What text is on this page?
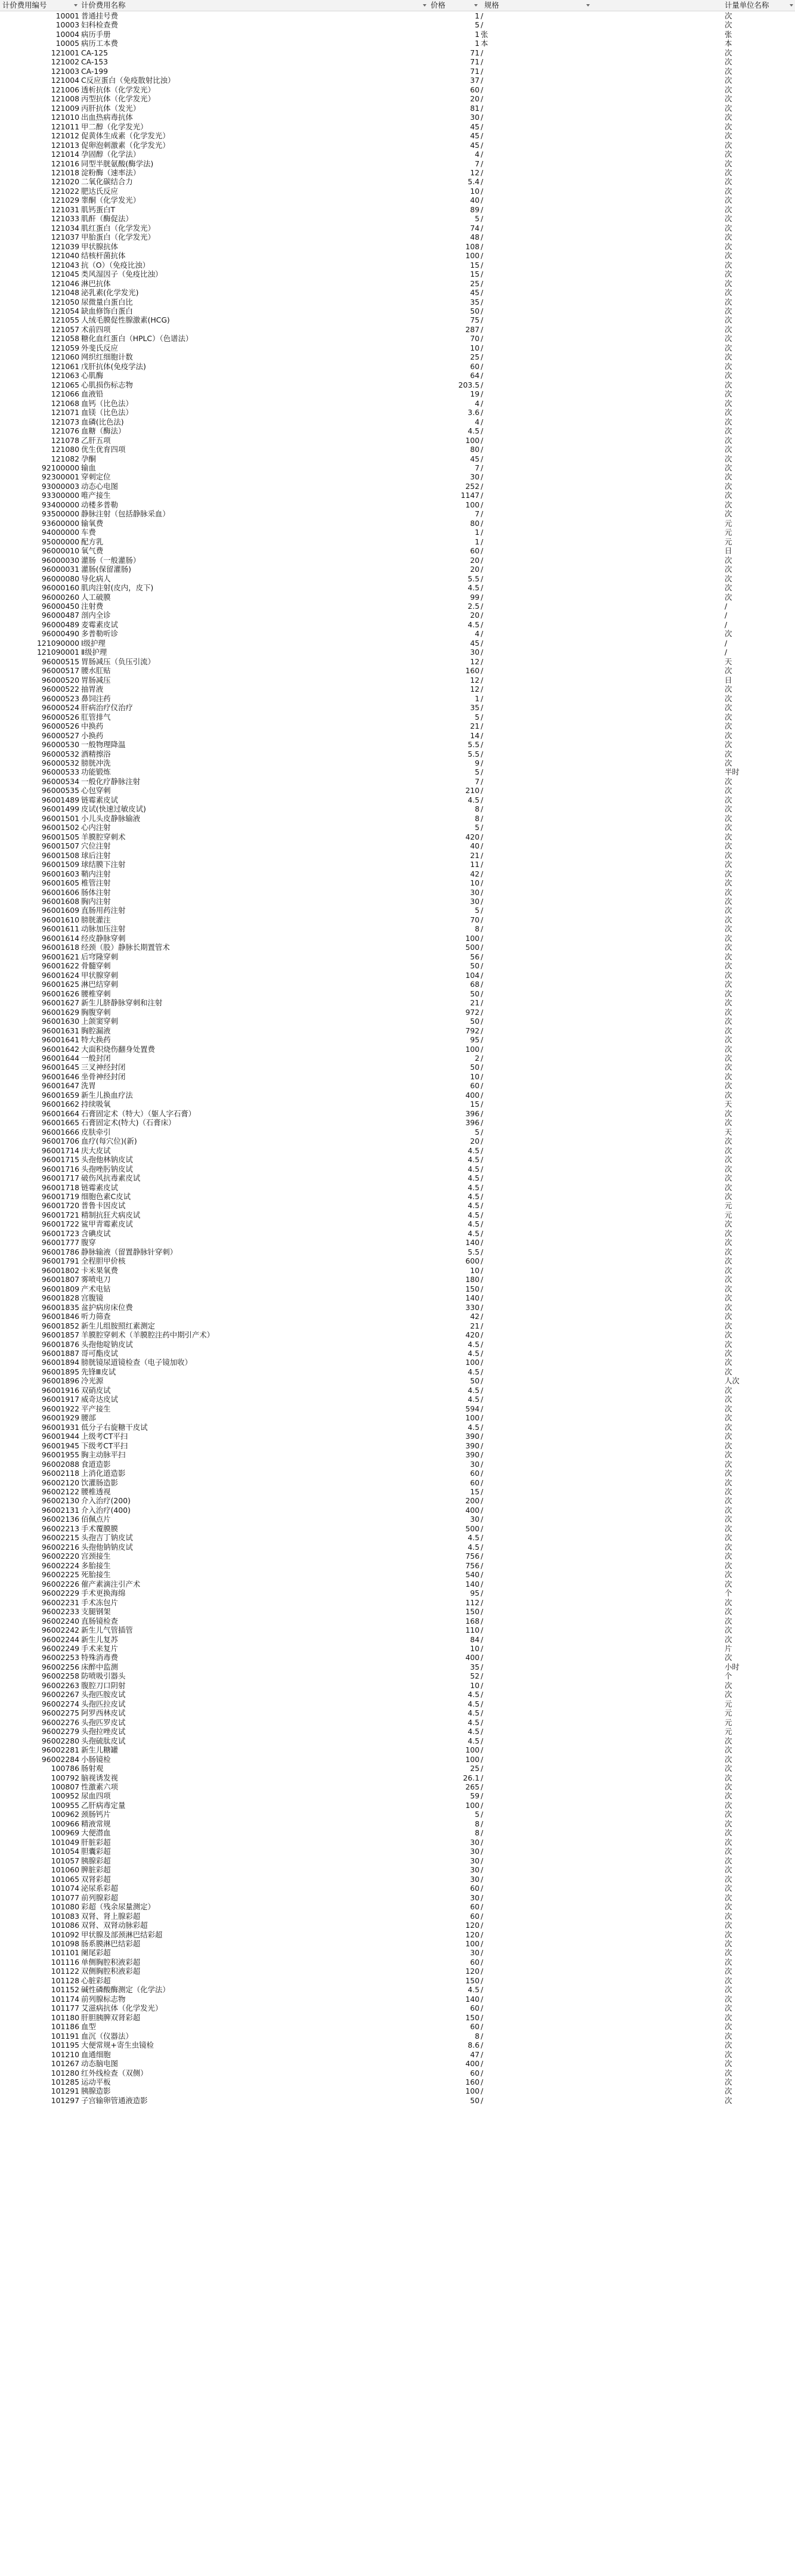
计价费用编号	计价费用名称	价格	规格	计量单位名称
10001 普通挂号费	1 /	次
10003 妇科检查费	5 /	次
10004 病历手册	1 张	张
10005 病历工本费	1 本	本
121001 CA-125	71 /	次
121002 CA-153	71 /	次
121003 CA-199	71 /	次
121004 C反应蛋白（免疫散射比浊）	37 /	次
121006 透析抗体（化学发光）	60 /	次
121008 丙型抗体（化学发光）	20 /	次
121009 丙肝抗体（发光）	81 /	次
121010 出血热病毒抗体	30 /	次
121011 甲二醇（化学发光）	45 /	次
121012 促黄体生成素（化学发光）	45 /	次
121013 促卵泡刺激素（化学发光）	45 /	次
121014 孕固醇（化学法）	4 /	次
121016 同型半胱氨酸(酶学法)	7 /	次
121018 淀粉酶（速率法）	12 /	次
121020 二氧化碳结合力	5.4 /	次
121022 肥达氏反应	10 /	次
121029 睾酮（化学发光）	40 /	次
121031 肌钙蛋白T	89 /	次
121033 肌酐（酶促法）	5 /	次
121034 肌红蛋白（化学发光）	74 /	次
121037 甲胎蛋白（化学发光）	48 /	次
121039 甲状腺抗体	108 /	次
121040 结核杆菌抗体	100 /	次
121043 抗（O）（免疫比浊）	15 /	次
121045 类风湿因子（免疫比浊）	15 /	次
121046 淋巴抗体	25 /	次
121048 泌乳素(化学发光)	45 /	次
121050 尿微量白蛋白比	35 /	次
121054 缺血修饰白蛋白	50 /	次
121055 人绒毛膜促性腺激素(HCG)	75 /	次
121057 术前四项	287 /	次
121058 糖化血红蛋白（HPLC）（色谱法）	70 /	次
121059 外斐氏反应	10 /	次
121060 网织红细胞计数	25 /	次
121061 戊肝抗体(免疫学法)	60 /	次
121063 心肌酶	64 /	次
121065 心肌损伤标志物	203.5 /	次
121066 血液铅	19 /	次
121068 血钙（比色法）	4 /	次
121071 血镁（比色法）	3.6 /	次
121073 血磷(比色法)	4 /	次
121076 血糖（酶法）	4.5 /	次
121078 乙肝五项	100 /	次
121080 优生优育四项	80 /	次
121082 孕酮	45 /	次
92100000 输血	7 /	次
92300001 穿刺定位	30 /	次
93000003 动态心电图	252 /	次
93300000 唯产接生	1147 /	次
93400000 动楼多普勒	100 /	次
93500000 静脉注射（包括静脉采血）	7 /	次
93600000 输氧费	80 /	元
94000000 车费	1 /	元
95000000 配方乳	1 /	元
96000010 氧气费	60 /	日
96000030 灌肠（一般灌肠）	20 /	次
96000031 灌肠(保留灌肠)	20 /	次
96000080 导化病人	5.5 /	次
96000160 肌肉注射(皮内，皮下)	4.5 /	次
96000260 人工破膜	99 /	次
96000450 注射费	2.5 /	/
96000487 剖内全诊	20 /	/
96000489 麦霉素皮试	4.5 /	/
96000490 多普勒听诊	4 /	次
121090000 Ⅰ级护理	45 /	/
121090001 Ⅱ级护理	30 /	/
96000515 胃肠减压（负压引流）	12 /	天
96000517 腰水肛贴	160 /	次
96000520 胃肠减压	12 /	日
96000522 抽胃液	12 /	次
96000523 鼻饲注药	1 /	次
96000524 肝病治疗仪治疗	35 /	次
96000526 肛管排气	5 /	次
96000526 中换药	21 /	次
96000527 小换药	14 /	次
96000530 一般物理降温	5.5 /	次
96000532 酒精擦浴	5.5 /	次
96000532 膀胱冲洗	9 /	次
96000533 功能锻炼	5 /	半时
96000534 一般化疗静脉注射	7 /	次
96000535 心包穿刺	210 /	次
96001489 链霉素皮试	4.5 /	次
96001499 皮试(快速过敏皮试)	8 /	次
96001501 小儿头皮静脉输液	8 /	次
96001502 心内注射	5 /	次
96001505 羊膜腔穿刺术	420 /	次
96001507 穴位注射	40 /	次
96001508 球后注射	21 /	次
96001509 球结膜下注射	11 /	次
96001603 鞘内注射	42 /	次
96001605 椎管注射	10 /	次
96001606 肠体注射	30 /	次
96001608 胸内注射	30 /	次
96001609 直肠用药注射	5 /	次
96001610 膀胱灌注	70 /	次
96001611 动脉加压注射	8 /	次
96001614 经皮静脉穿刺	100 /	次
96001618 经颈（股）静脉长期置管术	500 /	次
96001621 后穹隆穿刺	56 /	次
96001622 骨髓穿刺	50 /	次
96001624 甲状腺穿刺	104 /	次
96001625 淋巴结穿刺	68 /	次
96001626 腰椎穿刺	50 /	次
96001627 新生儿脐静脉穿刺和注射	21 /	次
96001629 胸腹穿刺	972 /	次
96001630 上颌窦穿刺	50 /	次
96001631 胸腔漏液	792 /	次
96001641 特大换药	95 /	次
96001642 大面积烧伤翻身处置费	100 /	次
96001644 一般封闭	2 /	次
96001645 三叉神经封闭	50 /	次
96001646 坐骨神经封闭	10 /	次
96001647 洗胃	60 /	次
96001659 新生儿换血疗法	400 /	次
96001662 持续吸氧	15 /	天
96001664 石膏固定术（特大）（躯人字石膏）	396 /	次
96001665 石膏固定术(特大)（石膏床）	396 /	次
96001666 皮肤牵引	5 /	天
96001706 血疗(每穴位)(新)	20 /	次
96001714 庆大皮试	4.5 /	次
96001715 头孢他林钠皮试	4.5 /	次
96001716 头孢唑肟钠皮试	4.5 /	次
96001717 破伤风抗毒素皮试	4.5 /	次
96001718 链霉素皮试	4.5 /	次
96001719 细胞色素C皮试	4.5 /	次
96001720 普鲁卡因皮试	4.5 /	元
96001721 精制抗狂犬病皮试	4.5 /	元
96001722 鲨甲青霉素皮试	4.5 /	次
96001723 含碘皮试	4.5 /	次
96001777 腹穿	140 /	次
96001786 静脉输液（留置静脉针穿刺）	5.5 /	次
96001791 全程胆甲价核	600 /	次
96001802 卡米果氧费	10 /	次
96001807 雾喷电刀	180 /	次
96001809 产术电钻	150 /	次
96001828 宫腹镜	140 /	次
96001835 盆护病房床位费	330 /	次
96001846 听力筛查	42 /	次
96001852 新生儿组胺照红素测定	21 /	次
96001857 羊膜腔穿刺术（羊膜腔注药中期引产术）	420 /	次
96001876 头孢他啶钠皮试	4.5 /	次
96001887 哥可酯皮试	4.5 /	次
96001894 膀胱镜尿道镜检查（电子镜加收）	100 /	次
96001895 先锋Ⅲ皮试	4.5 /	次
96001896 冷光源	50 /	人次
96001916 双硝皮试	4.5 /	次
96001917 威奇达皮试	4.5 /	次
96001922 平产接生	594 /	次
96001929 腰部	100 /	次
96001931 低分子右旋糖干皮试	4.5 /	次
96001944 上级考CT平扫	390 /	次
96001945 下级考CT平扫	390 /	次
96001955 胸主动脉平扫	390 /	次
96002088 食道造影	30 /	次
96002118 上消化道造影	60 /	次
96002120 饮灌肠造影	60 /	次
96002122 腰椎透视	15 /	次
96002130 介入治疗(200)	200 /	次
96002131 介入治疗(400)	400 /	次
96002136 佰佩点片	30 /	次
96002213 手术覆膜膜	500 /	次
96002215 头孢吉丁钠皮试	4.5 /	次
96002216 头孢他钠钠皮试	4.5 /	次
96002220 宫颈接生	756 /	次
96002224 多胎接生	756 /	次
96002225 死胎接生	540 /	次
96002226 催产素滴注引产术	140 /	次
96002229 手术更换海绵	95 /	个
96002231 手术冻包片	112 /	次
96002233 支腿钢架	150 /	次
96002240 直肠镜检查	168 /	次
96002242 新生儿气管插管	110 /	次
96002244 新生儿复苏	84 /	次
96002249 手术来复片	10 /	片
96002253 特殊消毒费	400 /	次
96002256 床醉中监测	35 /	小时
96002258 防喷吸引器头	52 /	个
96002263 腹腔刀口阴射	10 /	次
96002267 头孢匹胺皮试	4.5 /	次
96002274 头孢匹拉皮试	4.5 /	元
96002275 阿罗西林皮试	4.5 /	元
96002276 头孢匹罗皮试	4.5 /	元
96002279 头孢拉唑皮试	4.5 /	元
96002280 头孢硫肽皮试	4.5 /	次
96002281 新生儿糖罐	100 /	次
96002284 小肠镜检	100 /	次
100786 肠射观	25 /	次
100792 脑视诱发视	26.1 /	次
100807 性激素六项	265 /	次
100952 尿血四项	59 /	次
100955 乙肝病毒定量	100 /	次
100962 颈肠钙片	5 /	次
100966 精液常规	8 /	次
100969 大便潜血	8 /	次
101049 肝脏彩超	30 /	次
101054 胆囊彩超	30 /	次
101057 胰腺彩超	30 /	次
101060 脾脏彩超	30 /	次
101065 双肾彩超	30 /	次
101074 泌尿系彩超	60 /	次
101077 前列腺彩超	30 /	次
101080 彩超（残余尿量测定）	60 /	次
101083 双肾、肾上腺彩超	60 /	次
101086 双肾、双肾动脉彩超	120 /	次
101092 甲状腺及部颈淋巴结彩超	120 /	次
101098 肠系膜淋巴结彩超	100 /	次
101101 阑尾彩超	30 /	次
101116 单侧胸腔积液彩超	60 /	次
101122 双侧胸腔积液彩超	120 /	次
101128 心脏彩超	150 /	次
101152 碱性磷酸酶测定（化学法）	4.5 /	次
101174 前列腺标志物	140 /	次
101177 艾滋病抗体（化学发光）	60 /	次
101180 肝胆胰脾双肾彩超	150 /	次
101186 血型	60 /	次
101191 血沉（仪器法）	8 /	次
101195 大便常规+寄生虫镜检	8.6 /	次
101210 血通细胞	47 /	次
101267 动态脑电图	400 /	次
101280 红外线检查（双侧）	60 /	次
101285 运动平板	160 /	次
101291 胰腺造影	100 /	次
101297 子宫输卵管通液造影	50 /	次
